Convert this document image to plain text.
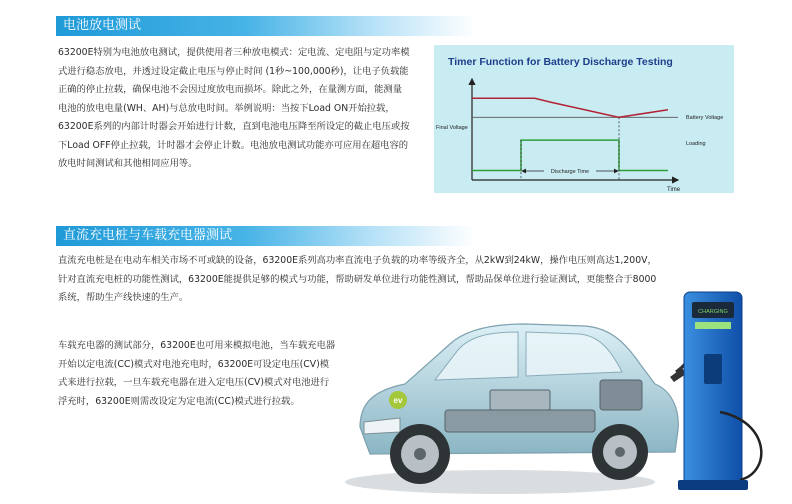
电池放电测试
63200E特别为电池放电测试，提供使用者三种放电模式：定电流、定电阻与定功率模式进行稳态放电，并透过设定截止电压与停止时间 (1秒~100,000秒)，让电子负载能正确的停止拉载，确保电池不会因过度放电而损坏。除此之外，在量测方面，能测量电池的放电电量(WH、AH)与总放电时间。举例说明：当按下Load ON开始拉载，63200E系列的内部计时器会开始进行计数，直到电池电压降至所设定的截止电压或按下Load OFF停止拉载，计时器才会停止计数。电池放电测试功能亦可应用在超电容的放电时间测试和其他相同应用等。
Timer Function for Battery Discharge Testing
Final Voltage
Battery Voltage
Loading
Discharge Time
Time
直流充电桩与车载充电器测试
直流充电桩是在电动车相关市场不可或缺的设备，63200E系列高功率直流电子负载的功率等级齐全，从2kW到24kW，操作电压则高达1,200V，针对直流充电桩的功能性测试，63200E能提供足够的模式与功能，帮助研发单位进行功能性测试，帮助品保单位进行验证测试，更能整合于8000系统，帮助生产线快速的生产。
车载充电器的测试部分，63200E也可用来模拟电池，当车载充电器开始以定电流(CC)模式对电池充电时，63200E可设定电压(CV)模式来进行拉载，一旦车载充电器在进入定电压(CV)模式对电池进行浮充时，63200E则需改设定为定电流(CC)模式进行拉载。	ev
CHARGING
